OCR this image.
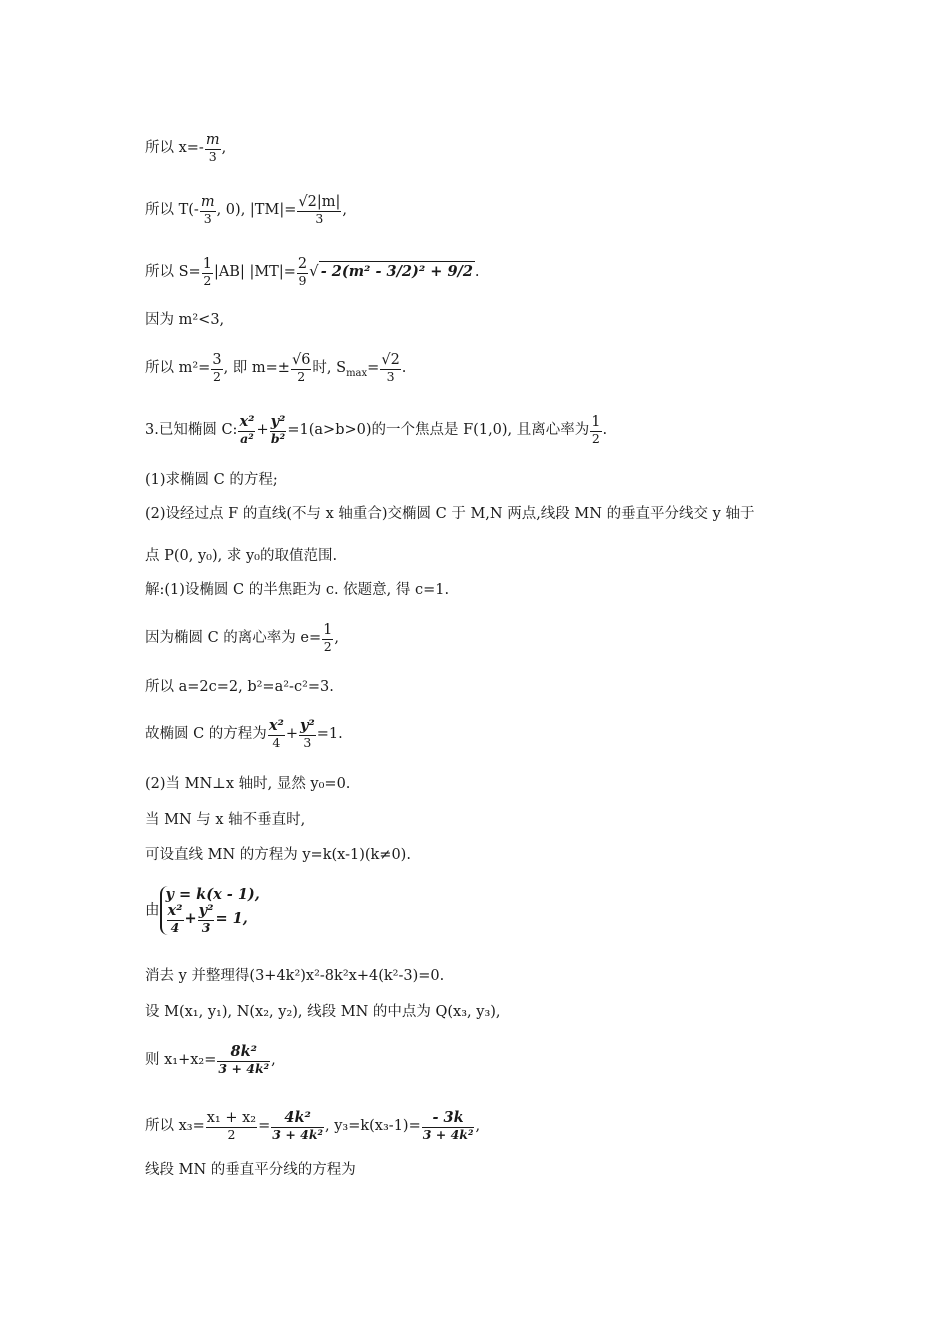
所以 $x=- \frac{m}{3}$ ,
所以 $T(- \frac{m}{3}$ , 0), $|TM|= \frac{√2|m|}{3}$ ,
所以 $S= \frac{1}{2} |AB|$ $|MT|= \frac{2}{9}$ √ - 2(m² - 3/2)² + 9/2 .
因为 m²<3,
所以 $m^2= \frac{3}{2}$ , 即 $m=\pm \frac{√6}{2}$ 时, $S_{max}= \frac{√2}{3}$ .
3.已知椭圆 C: $\frac{\text{x²}}{\text{a²}} + \frac{\text{y²}}{\text{b²}} =1(a>b>0)$的一个焦点是 F(1,0), 且离心率为 $\frac{1}{2}$ .
(1)求椭圆 C 的方程;
(2)设经过点 F 的直线(不与 x 轴重合)交椭圆 C 于 M,N 两点,线段 MN 的垂直平分线交 y 轴于
点 P(0, y₀), 求 y₀的取值范围.
解:(1)设椭圆 C 的半焦距为 c. 依题意, 得 c=1.
因为椭圆 C 的离心率为 $e= \frac{1}{2}$ ,
所以 a=2c=2, b²=a²-c²=3.
故椭圆 C 的方程为 $\frac{\text{x²}}{4} + \frac{\text{y²}}{3} =1$.
(2)当 MN⊥x 轴时, 显然 y₀=0.
当 MN 与 x 轴不垂直时,
可设直线 MN 的方程为 y=k(x-1)(k≠0).
由
y = k(x - 1),
$\frac{\text{x²}}{4} + \frac{\text{y²}}{3} = 1$,
消去 y 并整理得(3+4k²)x²-8k²x+4(k²-3)=0.
设 M(x₁, y₁), N(x₂, y₂), 线段 MN 的中点为 Q(x₃, y₃),
则 $x_1+x_2= \frac{\text{8k²}}{\text{3 + 4k²}}$ ,
所以 $x_3= \frac{\text{x₁ + x₂}}{2} = \frac{\text{4k²}}{\text{3 + 4k²}}$ , $y_3=k(x_3-1)= \frac{- 3k}{\text{3 + 4k²}}$ ,
线段 MN 的垂直平分线的方程为
